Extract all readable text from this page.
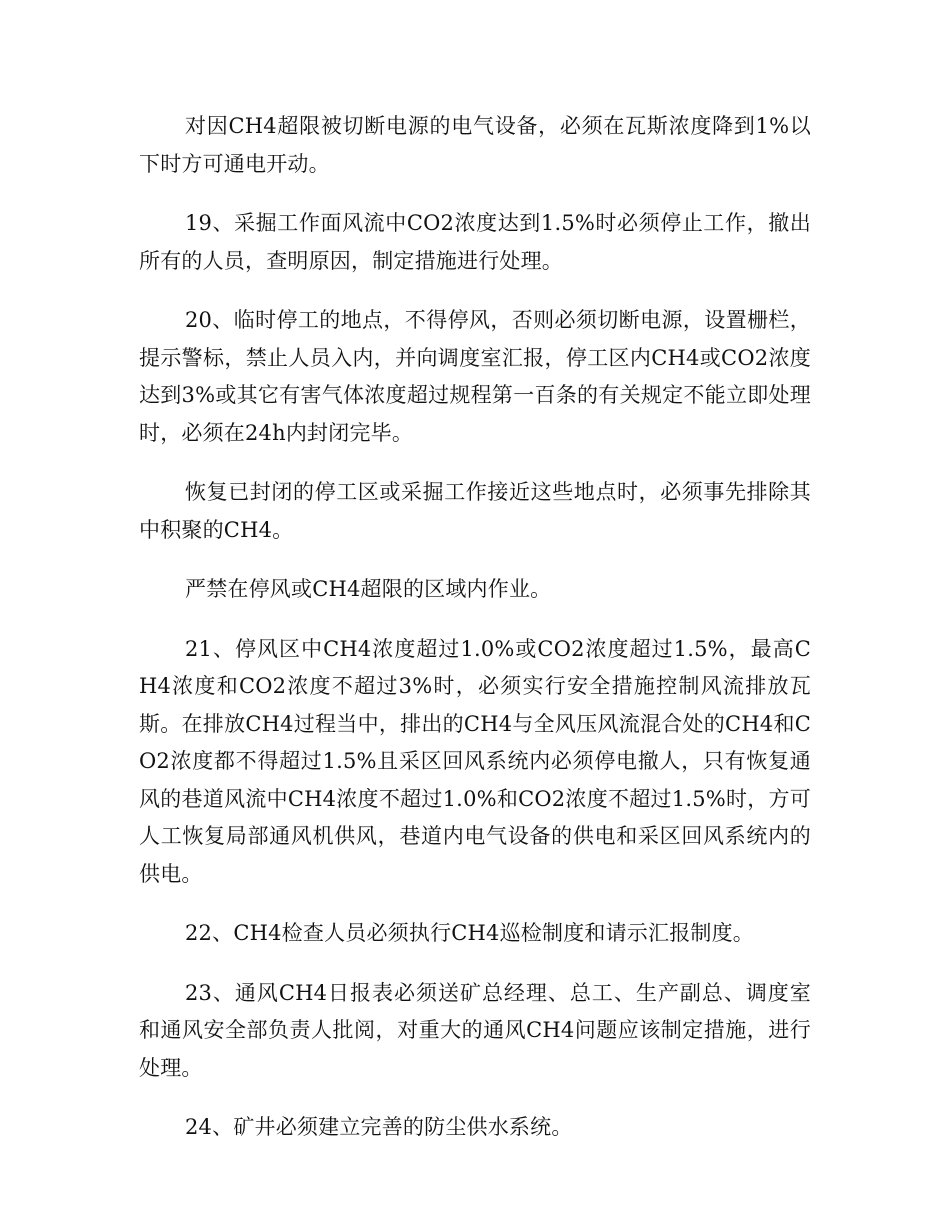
对因CH4超限被切断电源的电气设备，必须在瓦斯浓度降到1%以下时方可通电开动。

19、采掘工作面风流中CO2浓度达到1.5%时必须停止工作，撤出所有的人员，查明原因，制定措施进行处理。

20、临时停工的地点，不得停风，否则必须切断电源，设置栅栏，提示警标，禁止人员入内，并向调度室汇报，停工区内CH4或CO2浓度达到3%或其它有害气体浓度超过规程第一百条的有关规定不能立即处理时，必须在24h内封闭完毕。

恢复已封闭的停工区或采掘工作接近这些地点时，必须事先排除其中积聚的CH4。

严禁在停风或CH4超限的区域内作业。

21、停风区中CH4浓度超过1.0%或CO2浓度超过1.5%，最高CH4浓度和CO2浓度不超过3%时，必须实行安全措施控制风流排放瓦斯。在排放CH4过程当中，排出的CH4与全风压风流混合处的CH4和CO2浓度都不得超过1.5%且采区回风系统内必须停电撤人，只有恢复通风的巷道风流中CH4浓度不超过1.0%和CO2浓度不超过1.5%时，方可人工恢复局部通风机供风，巷道内电气设备的供电和采区回风系统内的供电。

22、CH4检查人员必须执行CH4巡检制度和请示汇报制度。

23、通风CH4日报表必须送矿总经理、总工、生产副总、调度室和通风安全部负责人批阅，对重大的通风CH4问题应该制定措施，进行处理。

24、矿井必须建立完善的防尘供水系统。
